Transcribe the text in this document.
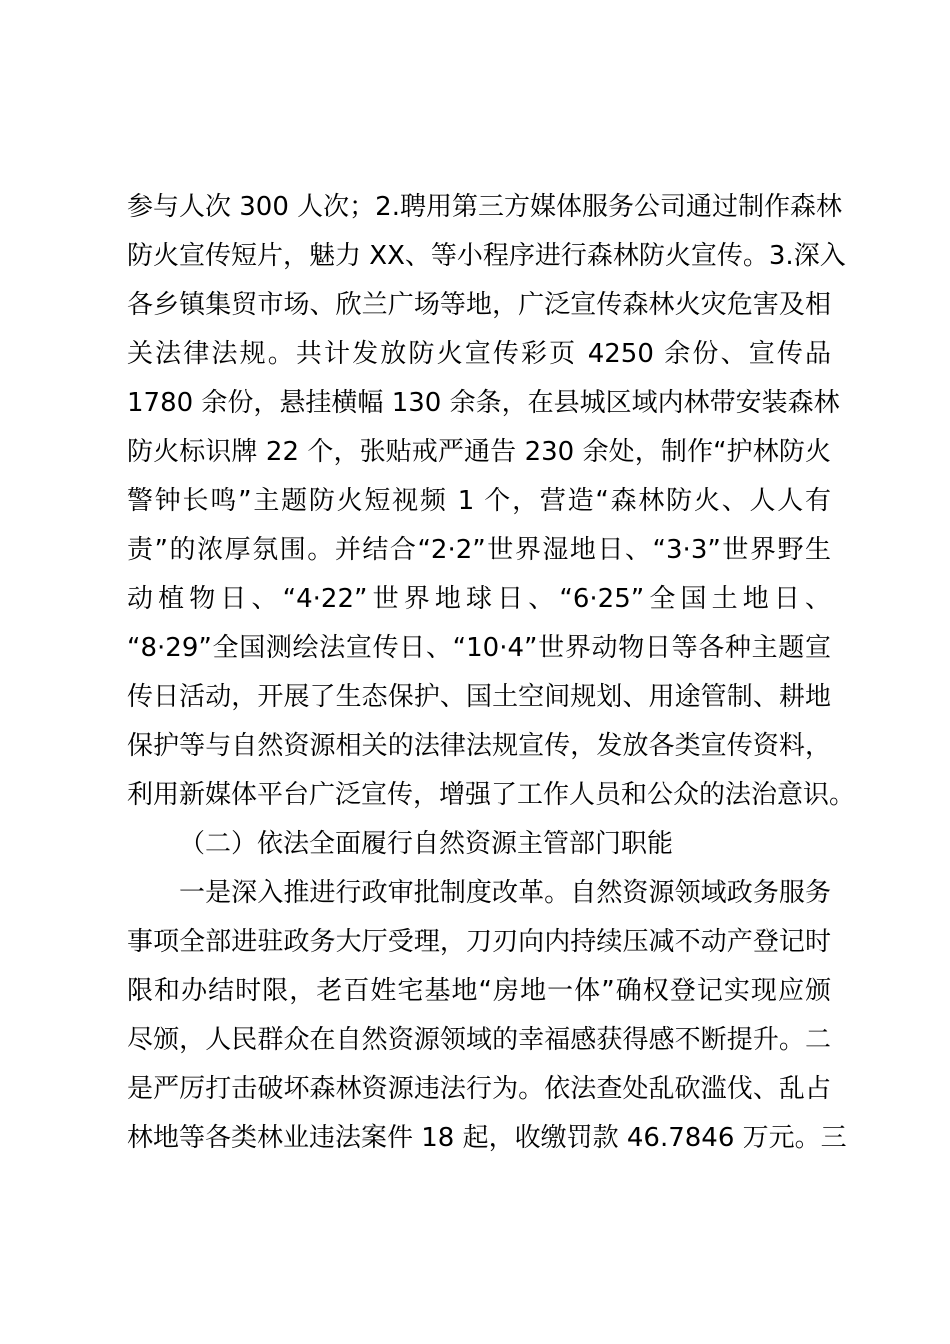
参与人次 300 人次；2.聘用第三方媒体服务公司通过制作森林

防火宣传短片，魅力 XX、等小程序进行森林防火宣传。3.深入

各乡镇集贸市场、欣兰广场等地，广泛宣传森林火灾危害及相

关法律法规。共计发放防火宣传彩页 4250 余份、宣传品

1780 余份，悬挂横幅 130 余条，在县城区域内林带安装森林

防火标识牌 22 个，张贴戒严通告 230 余处，制作“护林防火

警钟长鸣”主题防火短视频 1 个，营造“森林防火、人人有

责”的浓厚氛围。并结合“2·2”世界湿地日、“3·3”世界野生

动植物日、“4·22”世界地球日、“6·25”全国土地日、

“8·29”全国测绘法宣传日、“10·4”世界动物日等各种主题宣

传日活动，开展了生态保护、国土空间规划、用途管制、耕地

保护等与自然资源相关的法律法规宣传，发放各类宣传资料，

利用新媒体平台广泛宣传，增强了工作人员和公众的法治意识。

（二）依法全面履行自然资源主管部门职能

一是深入推进行政审批制度改革。自然资源领域政务服务

事项全部进驻政务大厅受理，刀刃向内持续压减不动产登记时

限和办结时限，老百姓宅基地“房地一体”确权登记实现应颁

尽颁，人民群众在自然资源领域的幸福感获得感不断提升。二

是严厉打击破坏森林资源违法行为。依法查处乱砍滥伐、乱占

林地等各类林业违法案件 18 起，收缴罚款 46.7846 万元。三
